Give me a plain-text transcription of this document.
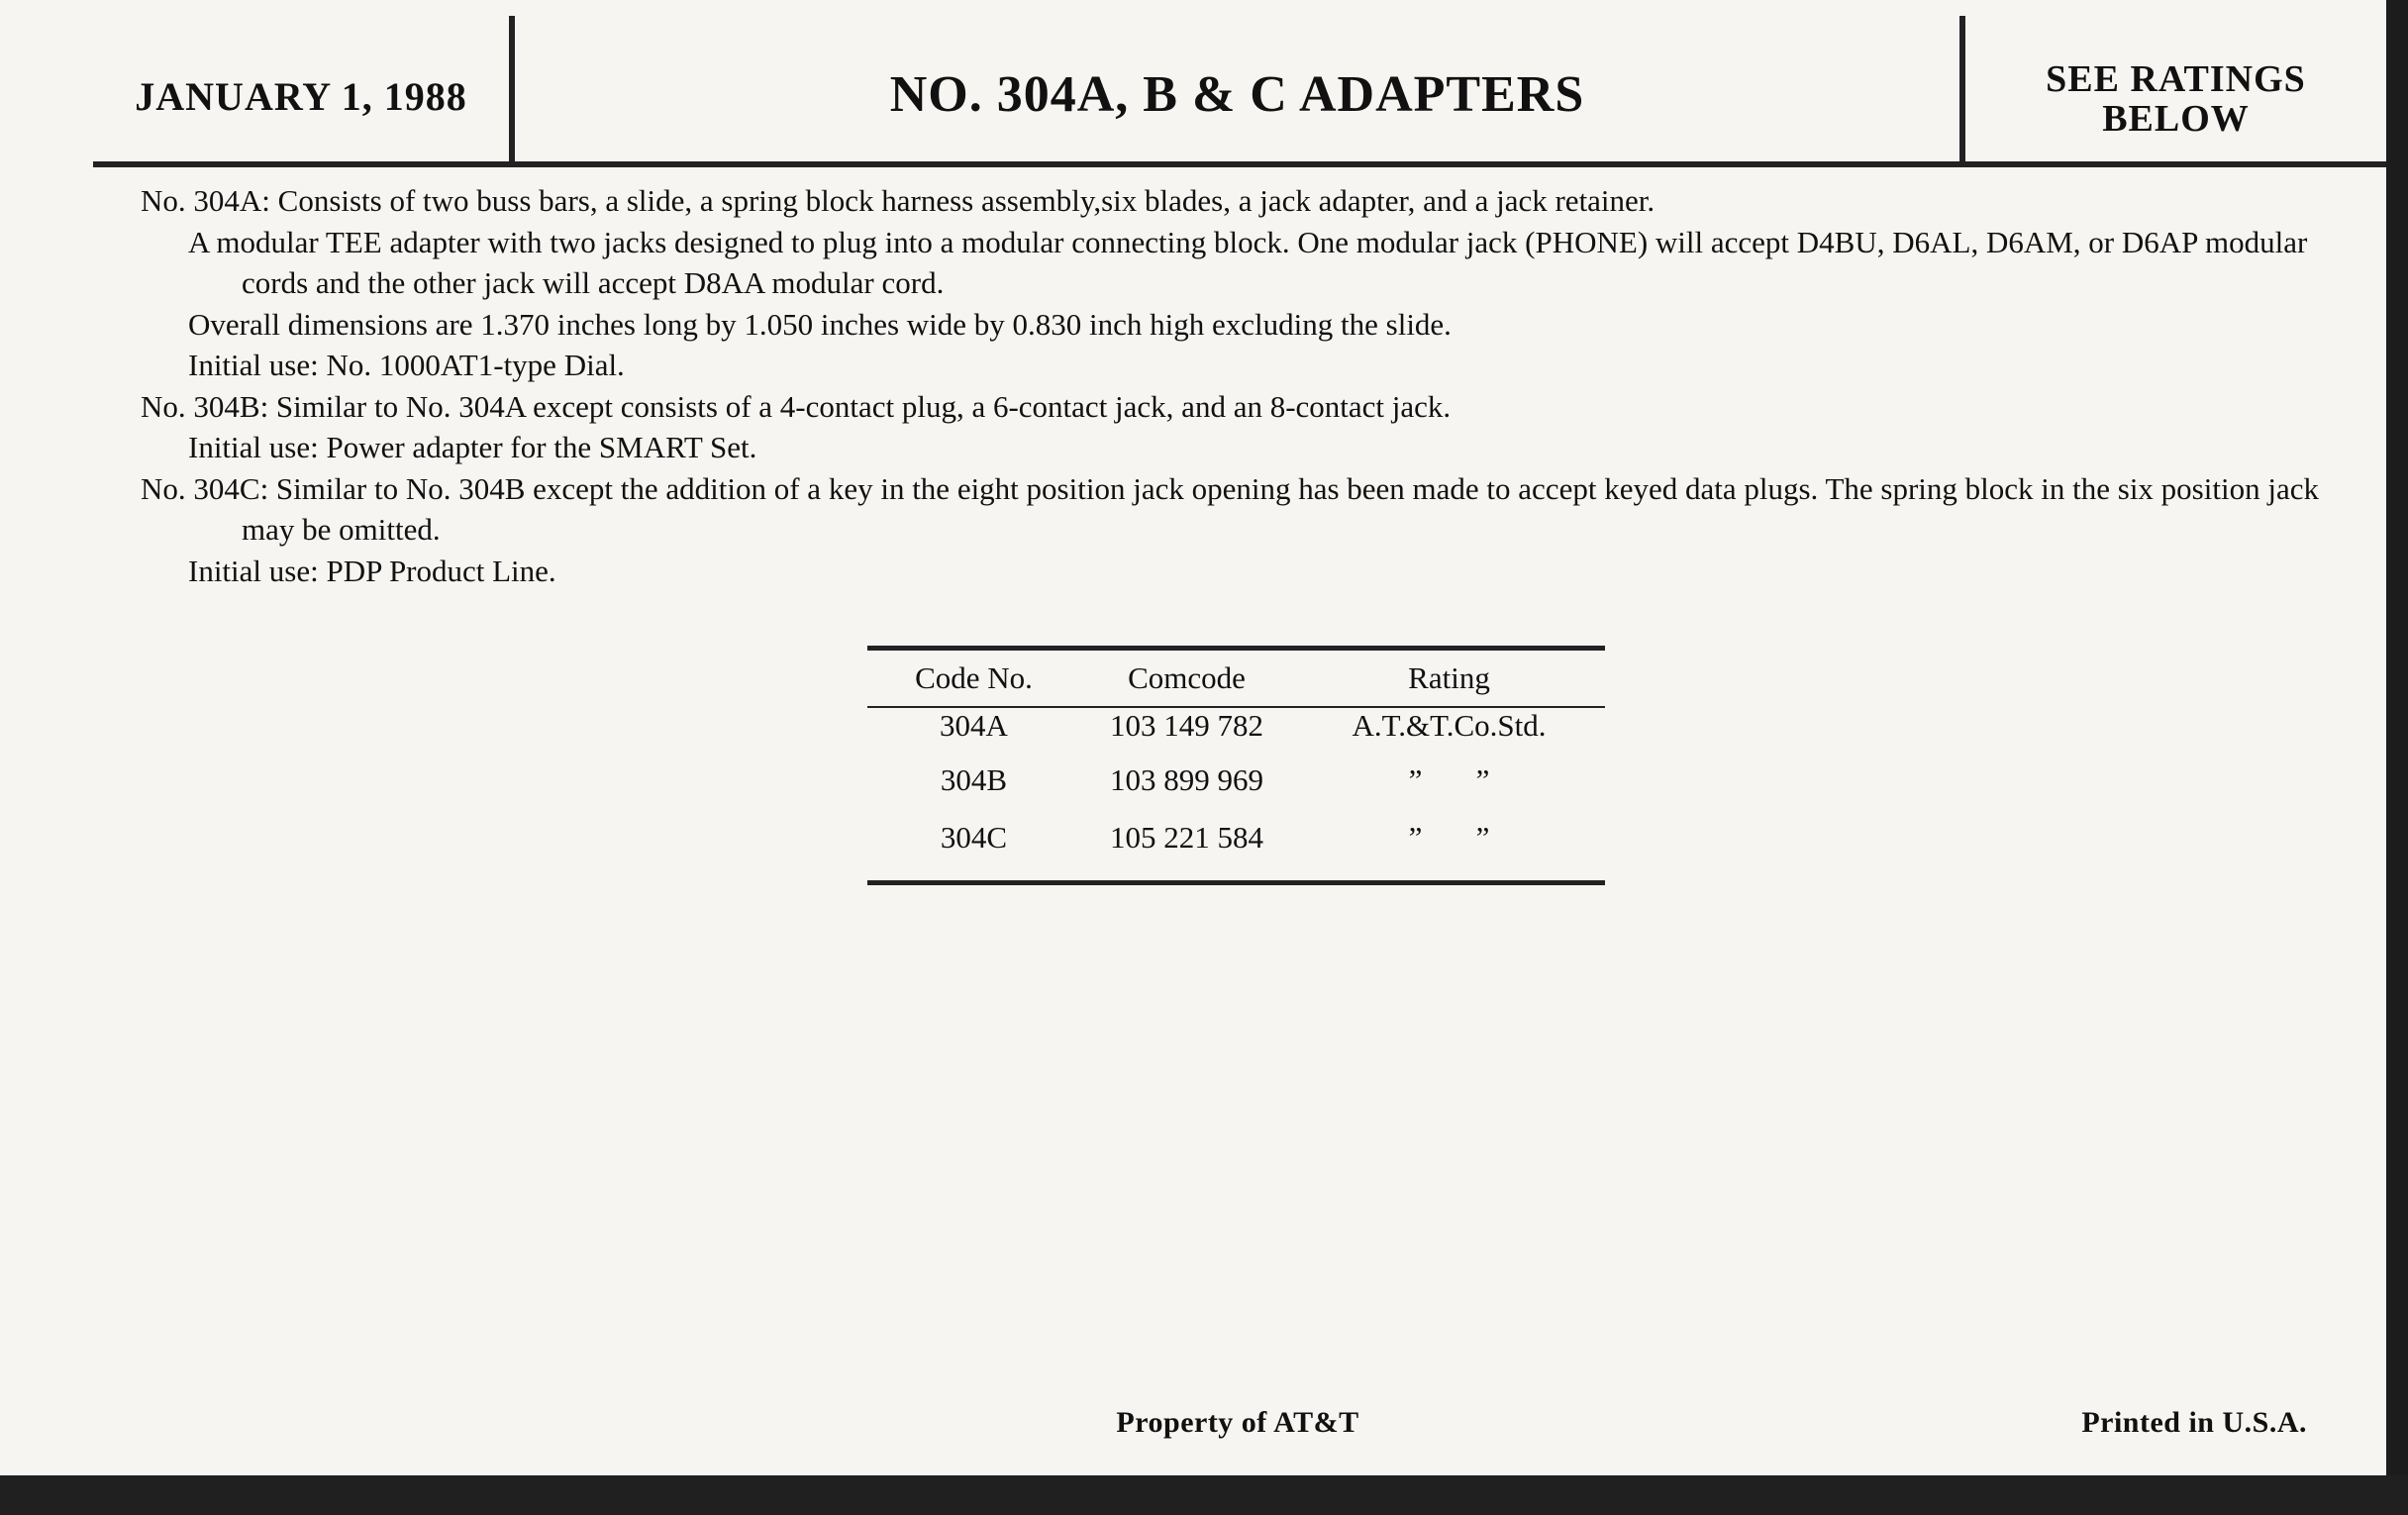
JANUARY 1, 1988	NO. 304A, B & C ADAPTERS	SEE RATINGS
BELOW

No. 304A: Consists of two buss bars, a slide, a spring block harness assembly,six blades, a jack adapter, and a jack retainer.

A modular TEE adapter with two jacks designed to plug into a modular connecting block. One modular jack (PHONE) will accept D4BU, D6AL, D6AM, or D6AP modular cords and the other jack will accept D8AA modular cord.

Overall dimensions are 1.370 inches long by 1.050 inches wide by 0.830 inch high excluding the slide.

Initial use: No. 1000AT1-type Dial.

No. 304B: Similar to No. 304A except consists of a 4-contact plug, a 6-contact jack, and an 8-contact jack.

Initial use: Power adapter for the SMART Set.

No. 304C: Similar to No. 304B except the addition of a key in the eight position jack opening has been made to accept keyed data plugs. The spring block in the six position jack may be omitted.

Initial use: PDP Product Line.

Code No.	Comcode	Rating
304A	103 149 782	A.T.&T.Co.Std.
304B	103 899 969	”       ”
304C	105 221 584	”       ”
Property of AT&T	Printed in U.S.A.
